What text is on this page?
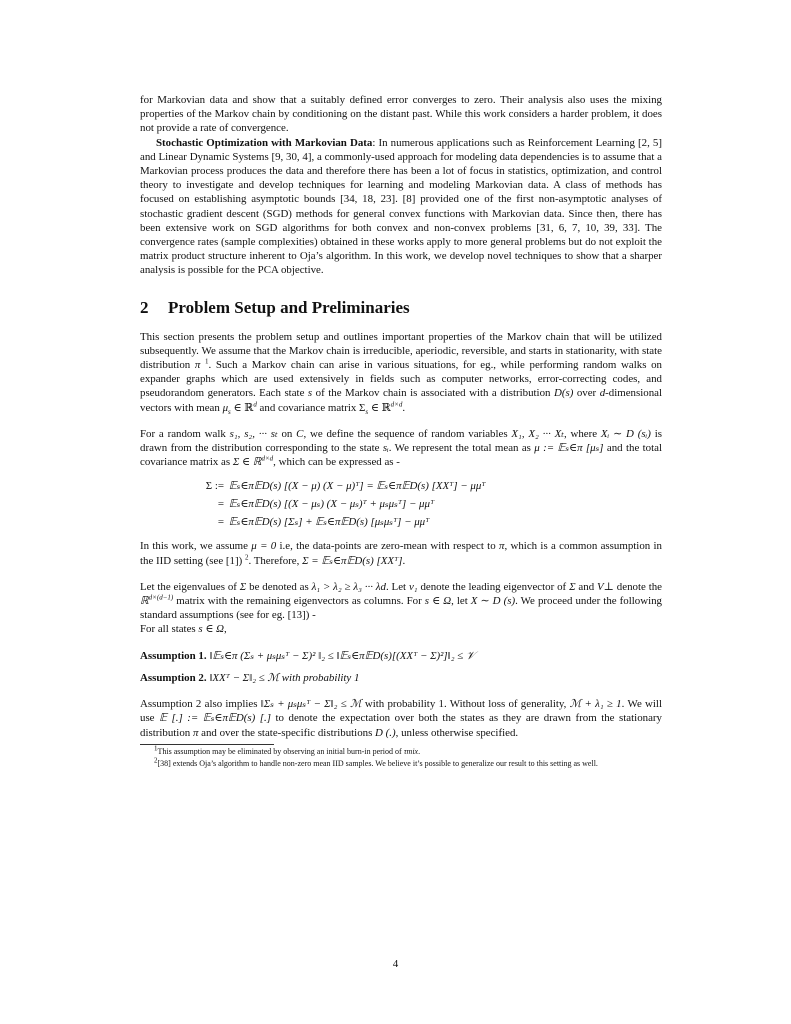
for Markovian data and show that a suitably defined error converges to zero. Their analysis also uses the mixing properties of the Markov chain by conditioning on the distant past. While this work considers a harder problem, it does not provide a rate of convergence.

Stochastic Optimization with Markovian Data: In numerous applications such as Reinforcement Learning [2, 5] and Linear Dynamic Systems [9, 30, 4], a commonly-used approach for modeling data dependencies is to assume that a Markovian process produces the data and therefore there has been a lot of focus in statistics, optimization, and control theory to investigate and develop techniques for learning and modeling Markovian data. A class of methods has focused on establishing asymptotic bounds [34, 18, 23]. [8] provided one of the first non-asymptotic analyses of stochastic gradient descent (SGD) methods for general convex functions with Markovian data. Since then, there has been extensive work on SGD algorithms for both convex and non-convex problems [31, 6, 7, 10, 39, 33]. The convergence rates (sample complexities) obtained in these works apply to more general problems but do not exploit the matrix product structure inherent to Oja’s algorithm. In this work, we develop novel techniques to show that a sharper analysis is possible for the PCA objective.

2 Problem Setup and Preliminaries

This section presents the problem setup and outlines important properties of the Markov chain that will be utilized subsequently. We assume that the Markov chain is irreducible, aperiodic, reversible, and starts in stationarity, with state distribution π $^1$. Such a Markov chain can arise in various situations, for eg., while performing random walks on expander graphs which are used extensively in fields such as computer networks, error-correcting codes, and pseudorandom generators. Each state s of the Markov chain is associated with a distribution D(s) over d-dimensional vectors with mean $\mu_s$ ∈ ℝ$^d$ and covariance matrix $\Sigma_s$ ∈ ℝ$^{d\times d}$.

For a random walk s₁, s₂, ··· sₜ on C, we define the sequence of random variables X₁, X₂ ··· Xₜ, where Xᵢ ∼ D (sᵢ) is drawn from the distribution corresponding to the state sᵢ. We represent the total mean as μ := 𝔼ₛ∈π [μₛ] and the total covariance matrix as Σ ∈ ℝ$^{d\times d}$, which can be expressed as -

Σ := 𝔼ₛ∈π𝔼D(s) [(X − μ) (X − μ)ᵀ] = 𝔼ₛ∈π𝔼D(s) [XXᵀ] − μμᵀ
= 𝔼ₛ∈π𝔼D(s) [(X − μₛ) (X − μₛ)ᵀ + μₛμₛᵀ] − μμᵀ
= 𝔼ₛ∈π𝔼D(s) [Σₛ] + 𝔼ₛ∈π𝔼D(s) [μₛμₛᵀ] − μμᵀ

In this work, we assume μ = 0 i.e, the data-points are zero-mean with respect to π, which is a common assumption in the IID setting (see [1]) $^2$. Therefore, Σ = 𝔼ₛ∈π𝔼D(s) [XXᵀ].

Let the eigenvalues of Σ be denoted as λ₁ > λ₂ ≥ λ₃ ··· λd. Let v₁ denote the leading eigenvector of Σ and V⊥ denote the ℝ$^{d\times(d-1)}$ matrix with the remaining eigenvectors as columns. For s ∈ Ω, let X ∼ D (s). We proceed under the following standard assumptions (see for eg. [13]) -
For all states s ∈ Ω,

Assumption 1. ‖𝔼ₛ∈π (Σₛ + μₛμₛᵀ − Σ)² ‖₂ ≤ ‖𝔼ₛ∈π𝔼D(s)[(XXᵀ − Σ)²]‖₂ ≤ 𝒱

Assumption 2. ‖XXᵀ − Σ‖₂ ≤ ℳ with probability 1

Assumption 2 also implies ‖Σₛ + μₛμₛᵀ − Σ‖₂ ≤ ℳ with probability 1. Without loss of generality, ℳ + λ₁ ≥ 1. We will use 𝔼 [.] := 𝔼ₛ∈π𝔼D(s) [.] to denote the expectation over both the states as they are drawn from the stationary distribution π and over the state-specific distributions D (.), unless otherwise specified.

$^1$This assumption may be eliminated by observing an initial burn-in period of τmix.

$^2$[38] extends Oja’s algorithm to handle non-zero mean IID samples. We believe it’s possible to generalize our result to this setting as well.

4
